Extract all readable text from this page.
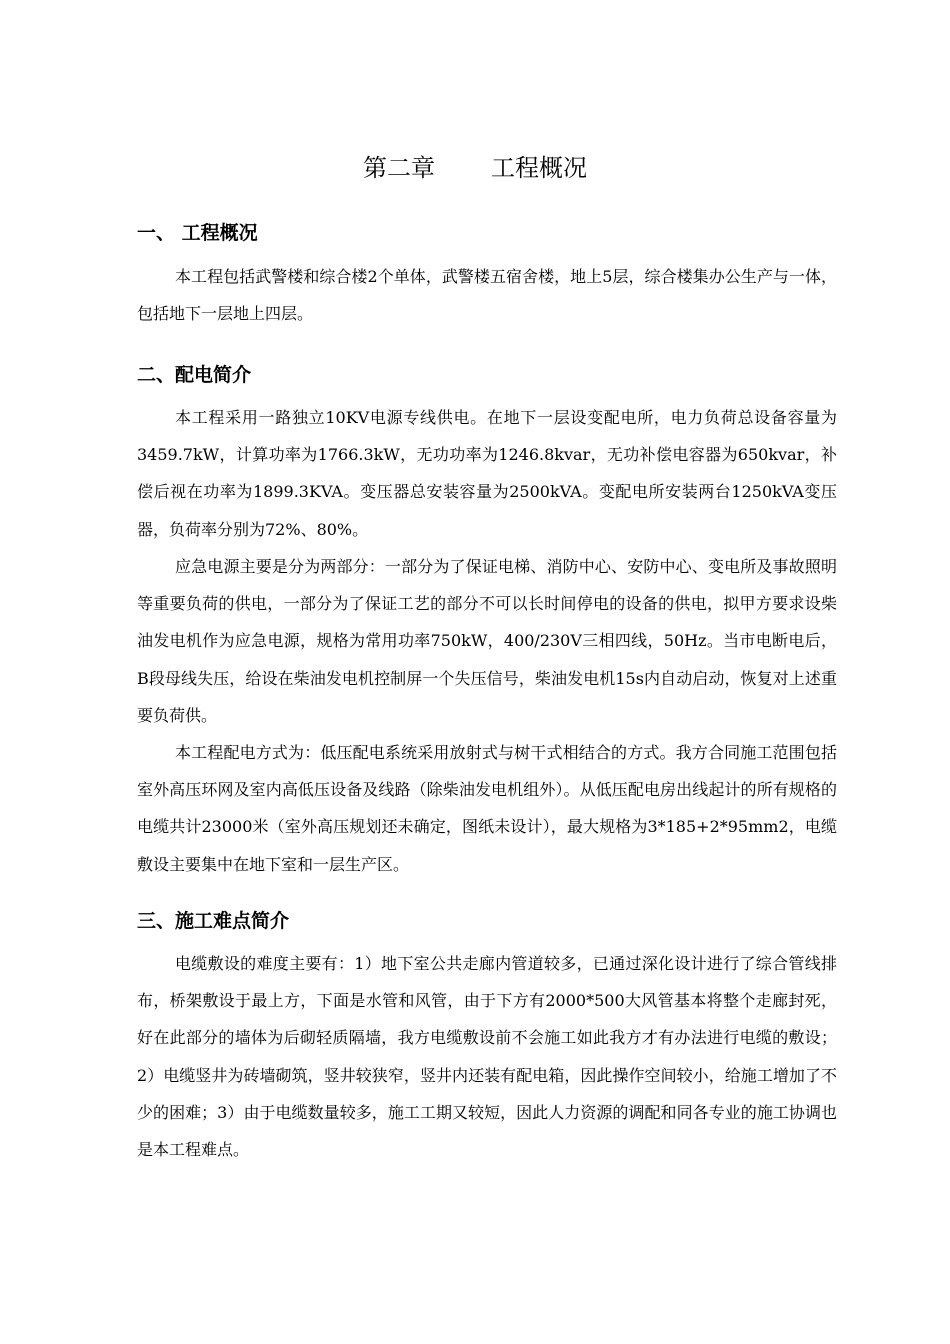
第二章 工程概况
一、 工程概况

本工程包括武警楼和综合楼2个单体，武警楼五宿舍楼，地上5层，综合楼集办公生产与一体，包括地下一层地上四层。

二、配电简介

本工程采用一路独立10KV电源专线供电。在地下一层设变配电所，电力负荷总设备容量为3459.7kW，计算功率为1766.3kW，无功功率为1246.8kvar，无功补偿电容器为650kvar，补偿后视在功率为1899.3KVA。变压器总安装容量为2500kVA。变配电所安装两台1250kVA变压器，负荷率分别为72%、80%。

应急电源主要是分为两部分：一部分为了保证电梯、消防中心、安防中心、变电所及事故照明等重要负荷的供电，一部分为了保证工艺的部分不可以长时间停电的设备的供电，拟甲方要求设柴油发电机作为应急电源，规格为常用功率750kW，400/230V三相四线，50Hz。当市电断电后，B段母线失压，给设在柴油发电机控制屏一个失压信号，柴油发电机15s内自动启动，恢复对上述重要负荷供。

本工程配电方式为：低压配电系统采用放射式与树干式相结合的方式。我方合同施工范围包括室外高压环网及室内高低压设备及线路（除柴油发电机组外）。从低压配电房出线起计的所有规格的电缆共计23000米（室外高压规划还未确定，图纸未设计），最大规格为3*185+2*95mm2，电缆敷设主要集中在地下室和一层生产区。

三、施工难点简介

电缆敷设的难度主要有：1）地下室公共走廊内管道较多，已通过深化设计进行了综合管线排布，桥架敷设于最上方，下面是水管和风管，由于下方有2000*500大风管基本将整个走廊封死，好在此部分的墙体为后砌轻质隔墙，我方电缆敷设前不会施工如此我方才有办法进行电缆的敷设；2）电缆竖井为砖墙砌筑，竖井较狭窄，竖井内还装有配电箱，因此操作空间较小，给施工增加了不少的困难；3）由于电缆数量较多，施工工期又较短，因此人力资源的调配和同各专业的施工协调也是本工程难点。
